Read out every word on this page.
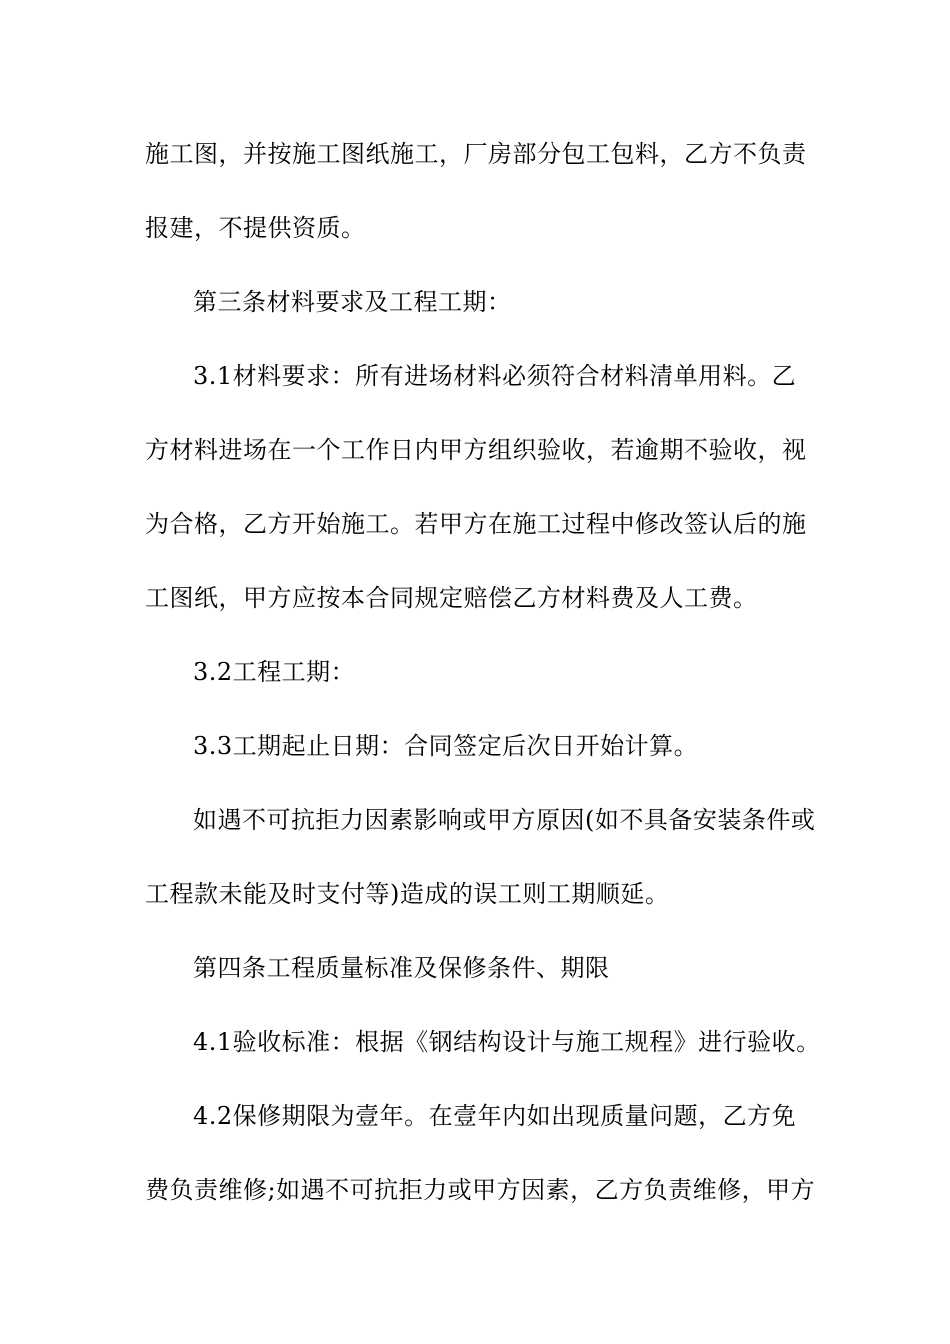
施工图，并按施工图纸施工，厂房部分包工包料，乙方不负责
报建，不提供资质。
第三条材料要求及工程工期：
3.1材料要求：所有进场材料必须符合材料清单用料。乙
方材料进场在一个工作日内甲方组织验收，若逾期不验收，视
为合格，乙方开始施工。若甲方在施工过程中修改签认后的施
工图纸，甲方应按本合同规定赔偿乙方材料费及人工费。
3.2工程工期：
3.3工期起止日期：合同签定后次日开始计算。
如遇不可抗拒力因素影响或甲方原因(如不具备安装条件或
工程款未能及时支付等)造成的误工则工期顺延。
第四条工程质量标准及保修条件、期限
4.1验收标准：根据《钢结构设计与施工规程》进行验收。
4.2保修期限为壹年。在壹年内如出现质量问题，乙方免
费负责维修;如遇不可抗拒力或甲方因素，乙方负责维修，甲方
